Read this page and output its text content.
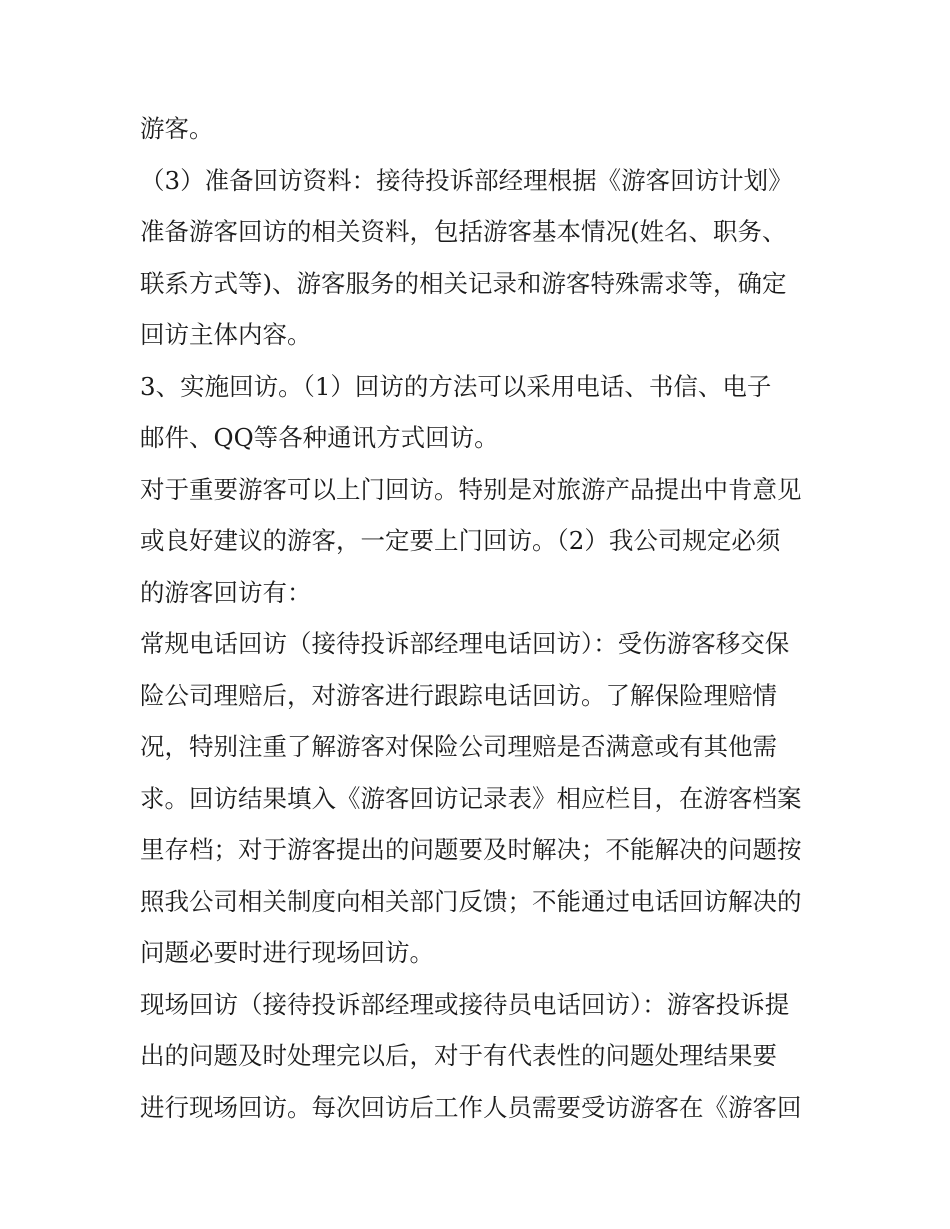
游客。
（3）准备回访资料：接待投诉部经理根据《游客回访计划》
准备游客回访的相关资料，包括游客基本情况(姓名、职务、
联系方式等)、游客服务的相关记录和游客特殊需求等，确定
回访主体内容。
3、实施回访。（1）回访的方法可以采用电话、书信、电子
邮件、QQ等各种通讯方式回访。
对于重要游客可以上门回访。特别是对旅游产品提出中肯意见
或良好建议的游客，一定要上门回访。（2）我公司规定必须
的游客回访有：
常规电话回访（接待投诉部经理电话回访）：受伤游客移交保
险公司理赔后，对游客进行跟踪电话回访。了解保险理赔情
况，特别注重了解游客对保险公司理赔是否满意或有其他需
求。回访结果填入《游客回访记录表》相应栏目，在游客档案
里存档；对于游客提出的问题要及时解决；不能解决的问题按
照我公司相关制度向相关部门反馈；不能通过电话回访解决的
问题必要时进行现场回访。
现场回访（接待投诉部经理或接待员电话回访）：游客投诉提
出的问题及时处理完以后，对于有代表性的问题处理结果要
进行现场回访。每次回访后工作人员需要受访游客在《游客回
